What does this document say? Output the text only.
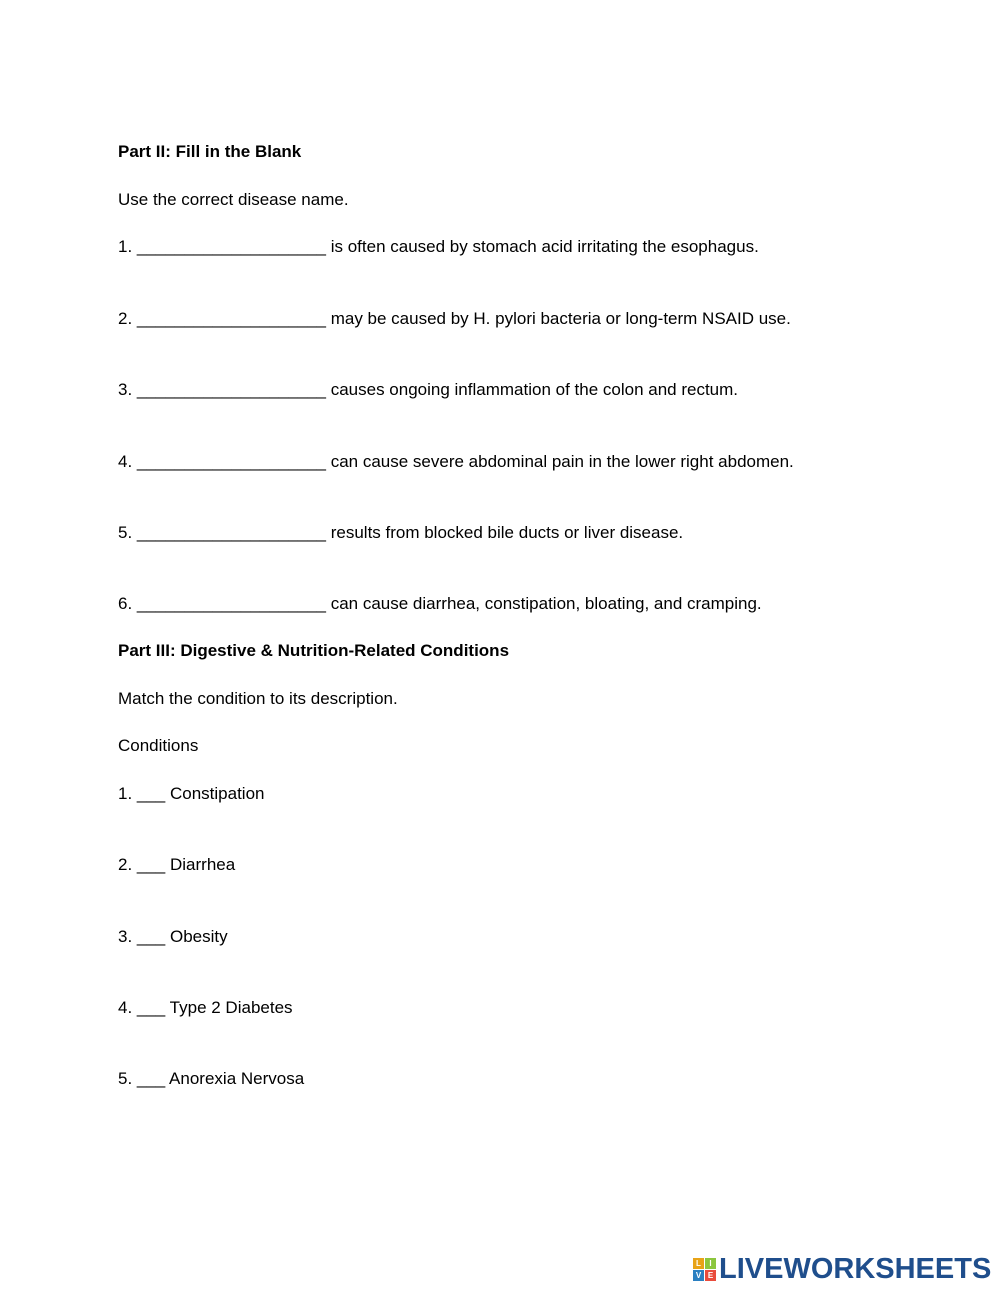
Part II: Fill in the Blank
Use the correct disease name.
1. ____________________ is often caused by stomach acid irritating the esophagus.
2. ____________________ may be caused by H. pylori bacteria or long-term NSAID use.
3. ____________________ causes ongoing inflammation of the colon and rectum.
4. ____________________ can cause severe abdominal pain in the lower right abdomen.
5. ____________________ results from blocked bile ducts or liver disease.
6. ____________________ can cause diarrhea, constipation, bloating, and cramping.
Part III: Digestive & Nutrition-Related Conditions
Match the condition to its description.
Conditions
1. ___ Constipation
2. ___ Diarrhea
3. ___ Obesity
4. ___ Type 2 Diabetes
5. ___ Anorexia Nervosa
L	I
V E LIVEWORKSHEETS
